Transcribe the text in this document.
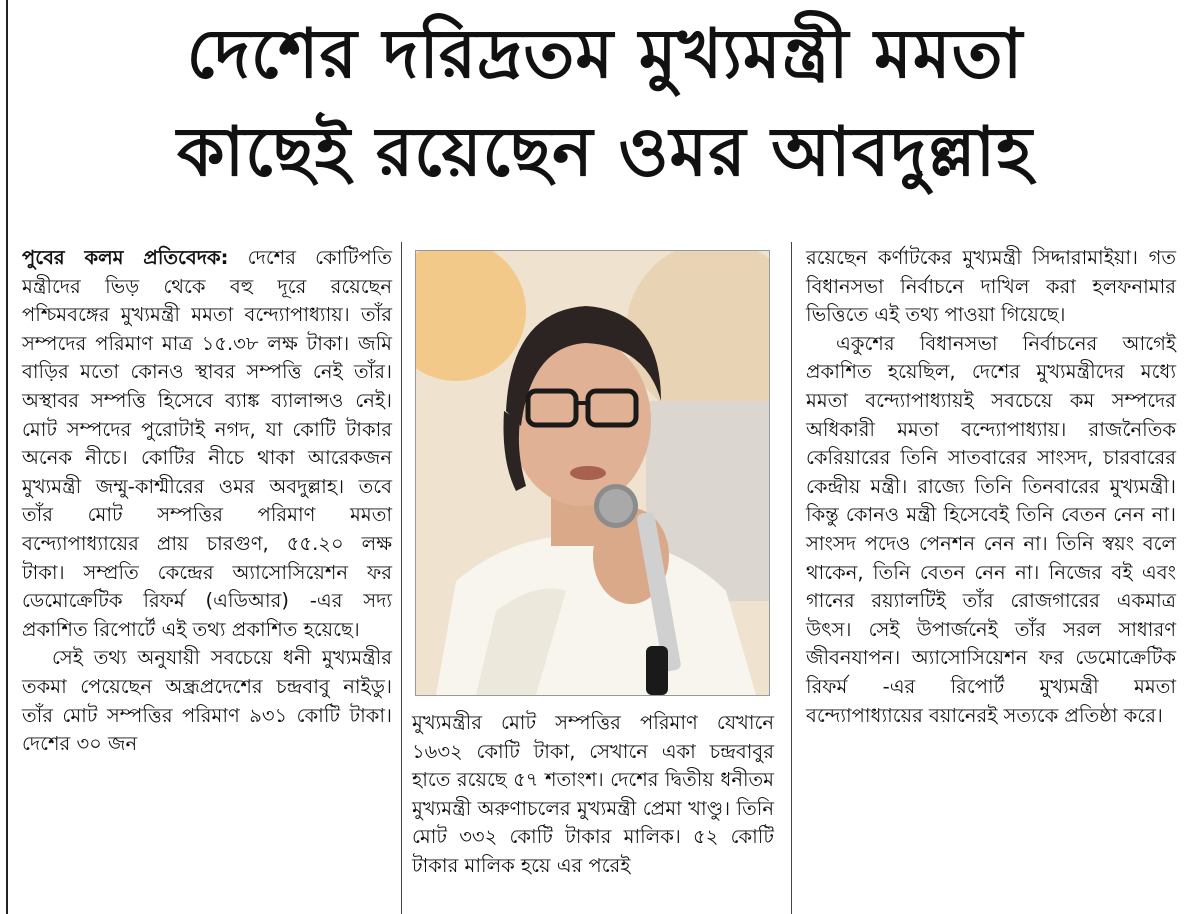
দেশের দরিদ্রতম মুখ্যমন্ত্রী মমতা
কাছেই রয়েছেন ওমর আবদুল্লাহ

পুবের কলম প্রতিবেদক: দেশের কোটিপতি মন্ত্রীদের ভিড় থেকে বহু দূরে রয়েছেন পশ্চিমবঙ্গের মুখ্যমন্ত্রী মমতা বন্দ্যোপাধ্যায়। তাঁর সম্পদের পরিমাণ মাত্র ১৫.৩৮ লক্ষ টাকা। জমি বাড়ির মতো কোনও স্থাবর সম্পত্তি নেই তাঁর। অস্থাবর সম্পত্তি হিসেবে ব্যাঙ্ক ব্যালান্সও নেই। মোট সম্পদের পুরোটাই নগদ, যা কোটি টাকার অনেক নীচে। কোটির নীচে থাকা আরেকজন মুখ্যমন্ত্রী জম্মু-কাশ্মীরের ওমর অবদুল্লাহ। তবে তাঁর মোট সম্পত্তির পরিমাণ মমতা বন্দ্যোপাধ্যায়ের প্রায় চারগুণ, ৫৫.২০ লক্ষ টাকা। সম্প্রতি কেন্দ্রের অ্যাসোসিয়েশন ফর ডেমোক্রেটিক রিফর্ম (এডিআর) -এর সদ্য প্রকাশিত রিপোর্টে এই তথ্য প্রকাশিত হয়েছে।

সেই তথ্য অনুযায়ী সবচেয়ে ধনী মুখ্যমন্ত্রীর তকমা পেয়েছেন অন্ধ্রপ্রদেশের চন্দ্রবাবু নাইডু। তাঁর মোট সম্পত্তির পরিমাণ ৯৩১ কোটি টাকা। দেশের ৩০ জন

মুখ্যমন্ত্রীর মোট সম্পত্তির পরিমাণ যেখানে ১৬৩২ কোটি টাকা, সেখানে একা চন্দ্রবাবুর হাতে রয়েছে ৫৭ শতাংশ। দেশের দ্বিতীয় ধনীতম মুখ্যমন্ত্রী অরুণাচলের মুখ্যমন্ত্রী প্রেমা খাণ্ডু। তিনি মোট ৩৩২ কোটি টাকার মালিক। ৫২ কোটি টাকার মালিক হয়ে এর পরেই

রয়েছেন কর্ণাটকের মুখ্যমন্ত্রী সিদ্দারামাইয়া। গত বিধানসভা নির্বাচনে দাখিল করা হলফনামার ভিত্তিতে এই তথ্য পাওয়া গিয়েছে।

একুশের বিধানসভা নির্বাচনের আগেই প্রকাশিত হয়েছিল, দেশের মুখ্যমন্ত্রীদের মধ্যে মমতা বন্দ্যোপাধ্যায়ই সবচেয়ে কম সম্পদের অধিকারী মমতা বন্দ্যোপাধ্যায়। রাজনৈতিক কেরিয়ারের তিনি সাতবারের সাংসদ, চারবারের কেন্দ্রীয় মন্ত্রী। রাজ্যে তিনি তিনবারের মুখ্যমন্ত্রী। কিন্তু কোনও মন্ত্রী হিসেবেই তিনি বেতন নেন না। সাংসদ পদেও পেনশন নেন না। তিনি স্বয়ং বলে থাকেন, তিনি বেতন নেন না। নিজের বই এবং গানের রয়্যালটিই তাঁর রোজগারের একমাত্র উৎস। সেই উপার্জনেই তাঁর সরল সাধারণ জীবনযাপন। অ্যাসোসিয়েশন ফর ডেমোক্রেটিক রিফর্ম -এর রিপোর্ট মুখ্যমন্ত্রী মমতা বন্দ্যোপাধ্যায়ের বয়ানেরই সত্যকে প্রতিষ্ঠা করে।
